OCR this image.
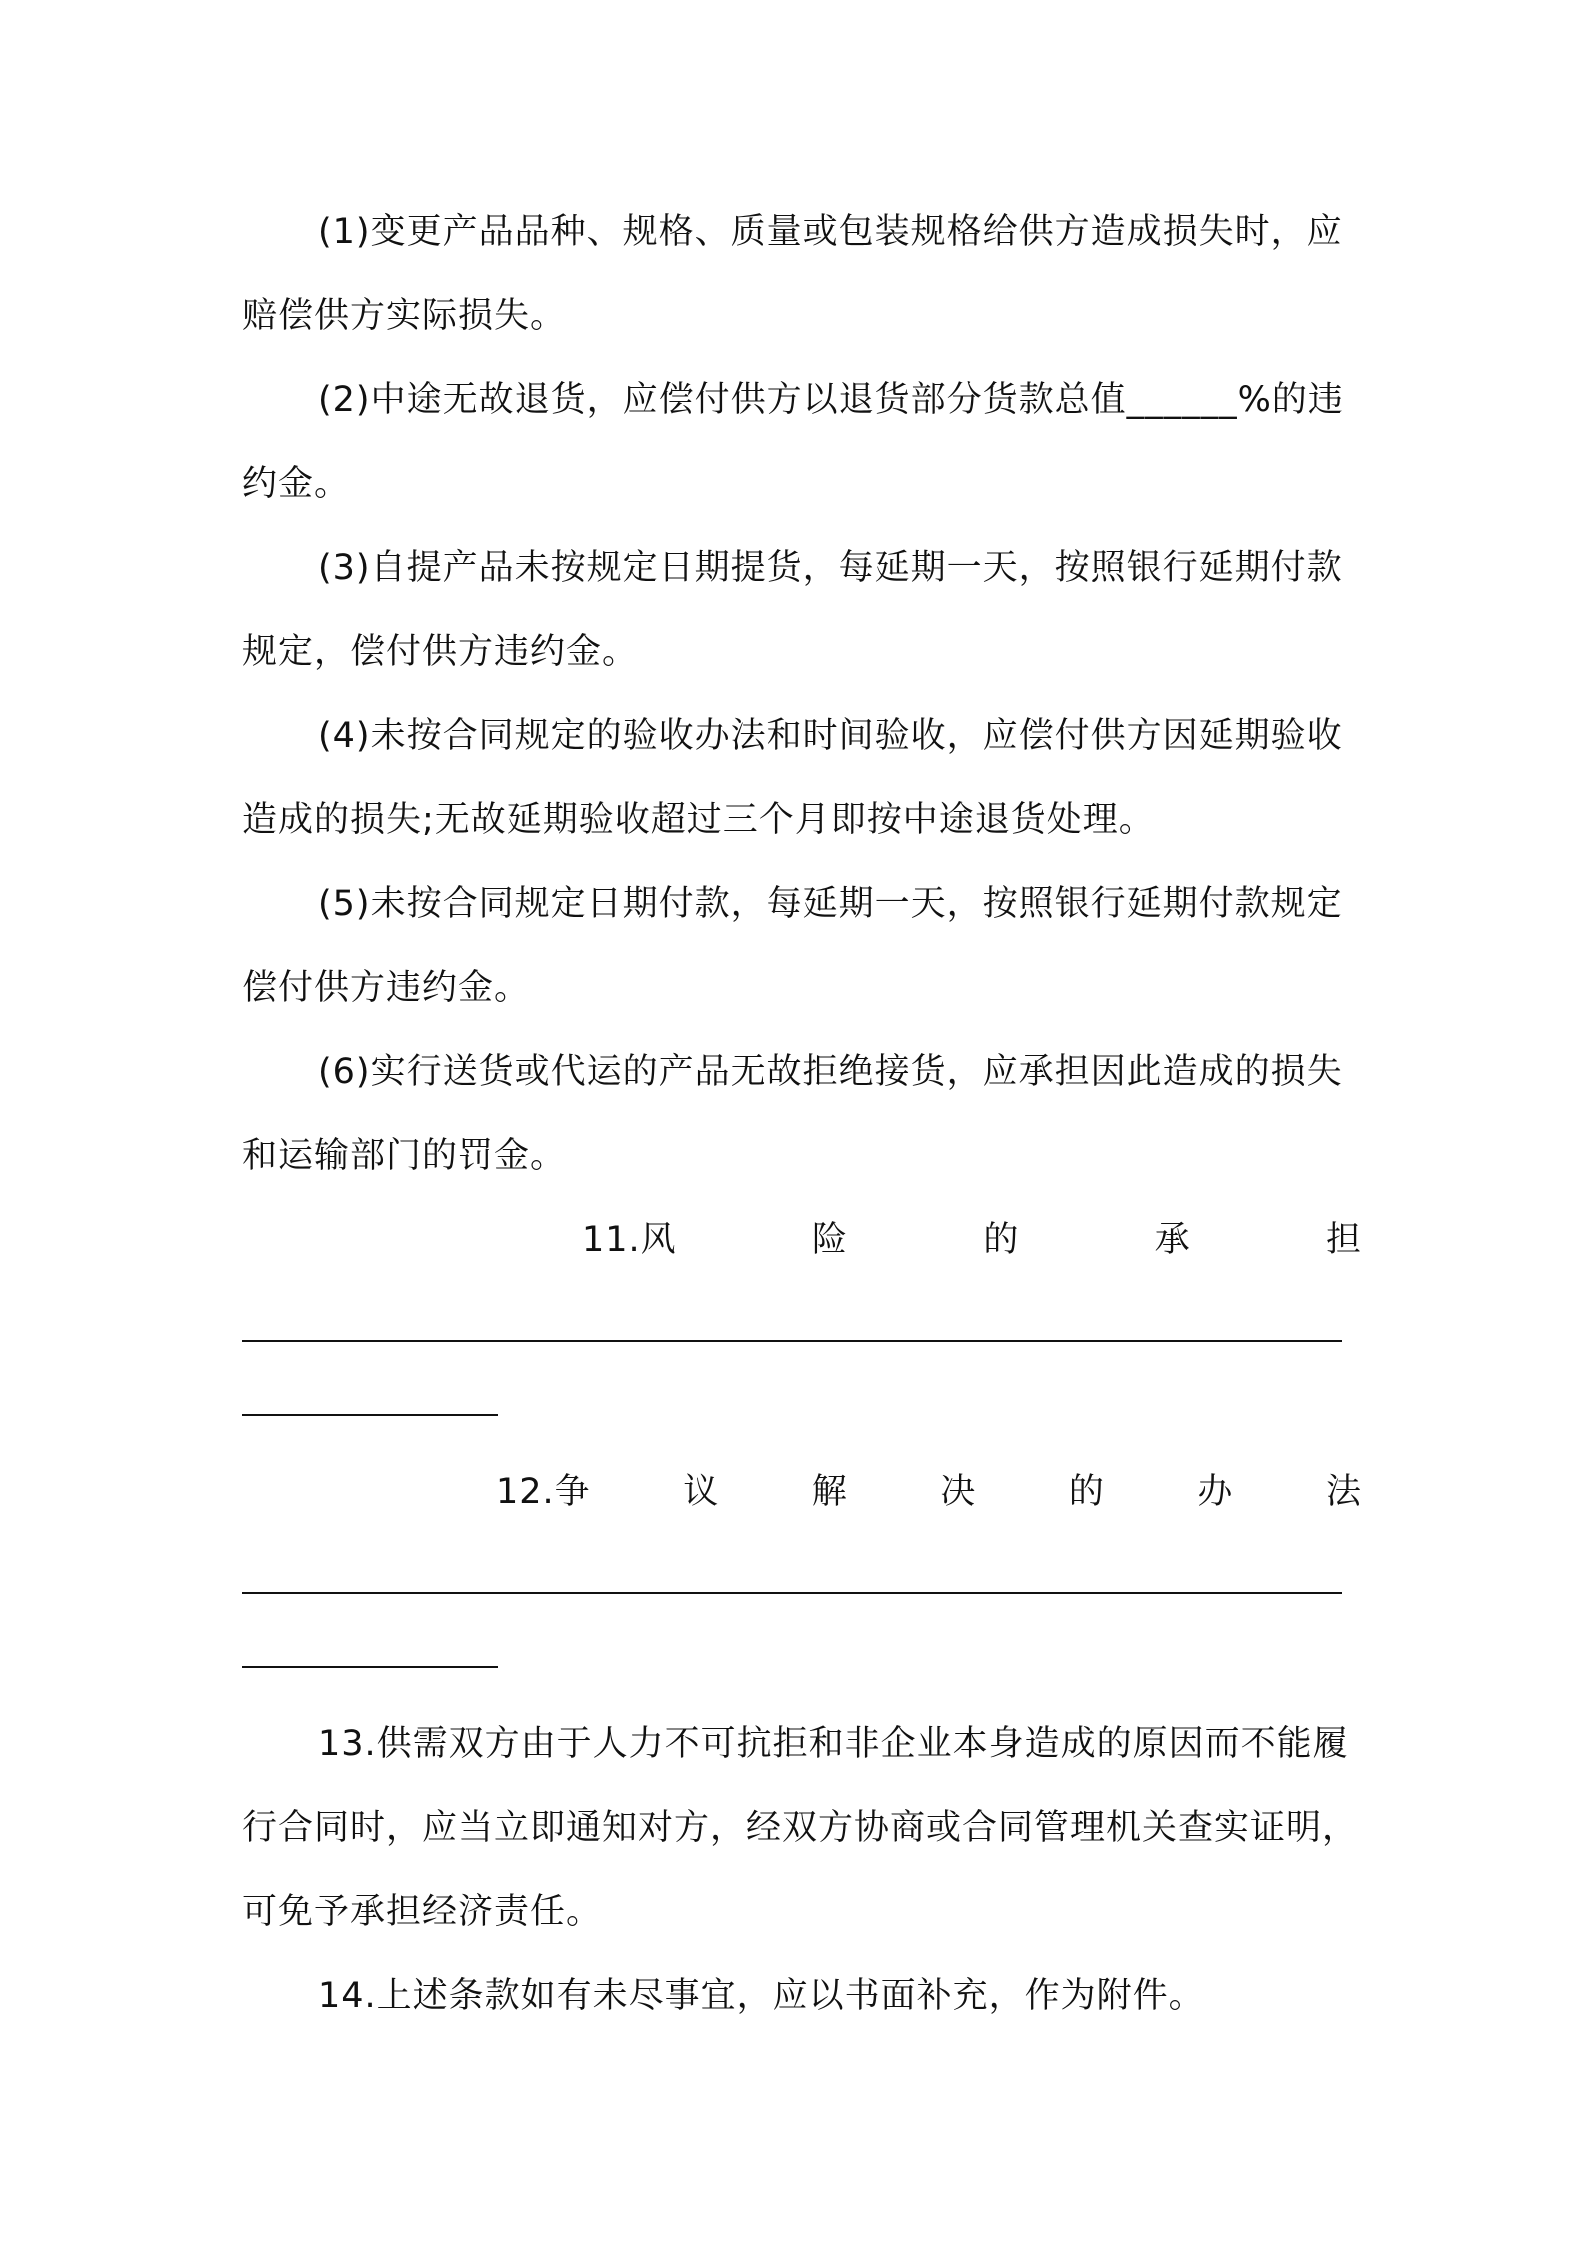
(1)变更产品品种、规格、质量或包装规格给供方造成损失时，应赔偿供方实际损失。

(2)中途无故退货，应偿付供方以退货部分货款总值______%的违约金。

(3)自提产品未按规定日期提货，每延期一天，按照银行延期付款规定，偿付供方违约金。

(4)未按合同规定的验收办法和时间验收，应偿付供方因延期验收造成的损失;无故延期验收超过三个月即按中途退货处理。

(5)未按合同规定日期付款，每延期一天，按照银行延期付款规定偿付供方违约金。

(6)实行送货或代运的产品无故拒绝接货，应承担因此造成的损失和运输部门的罚金。

11.风	险	的	承	担
12.争	议	解	决	的	办	法

13.供需双方由于人力不可抗拒和非企业本身造成的原因而不能履行合同时，应当立即通知对方，经双方协商或合同管理机关查实证明，可免予承担经济责任。

14.上述条款如有未尽事宜，应以书面补充，作为附件。
